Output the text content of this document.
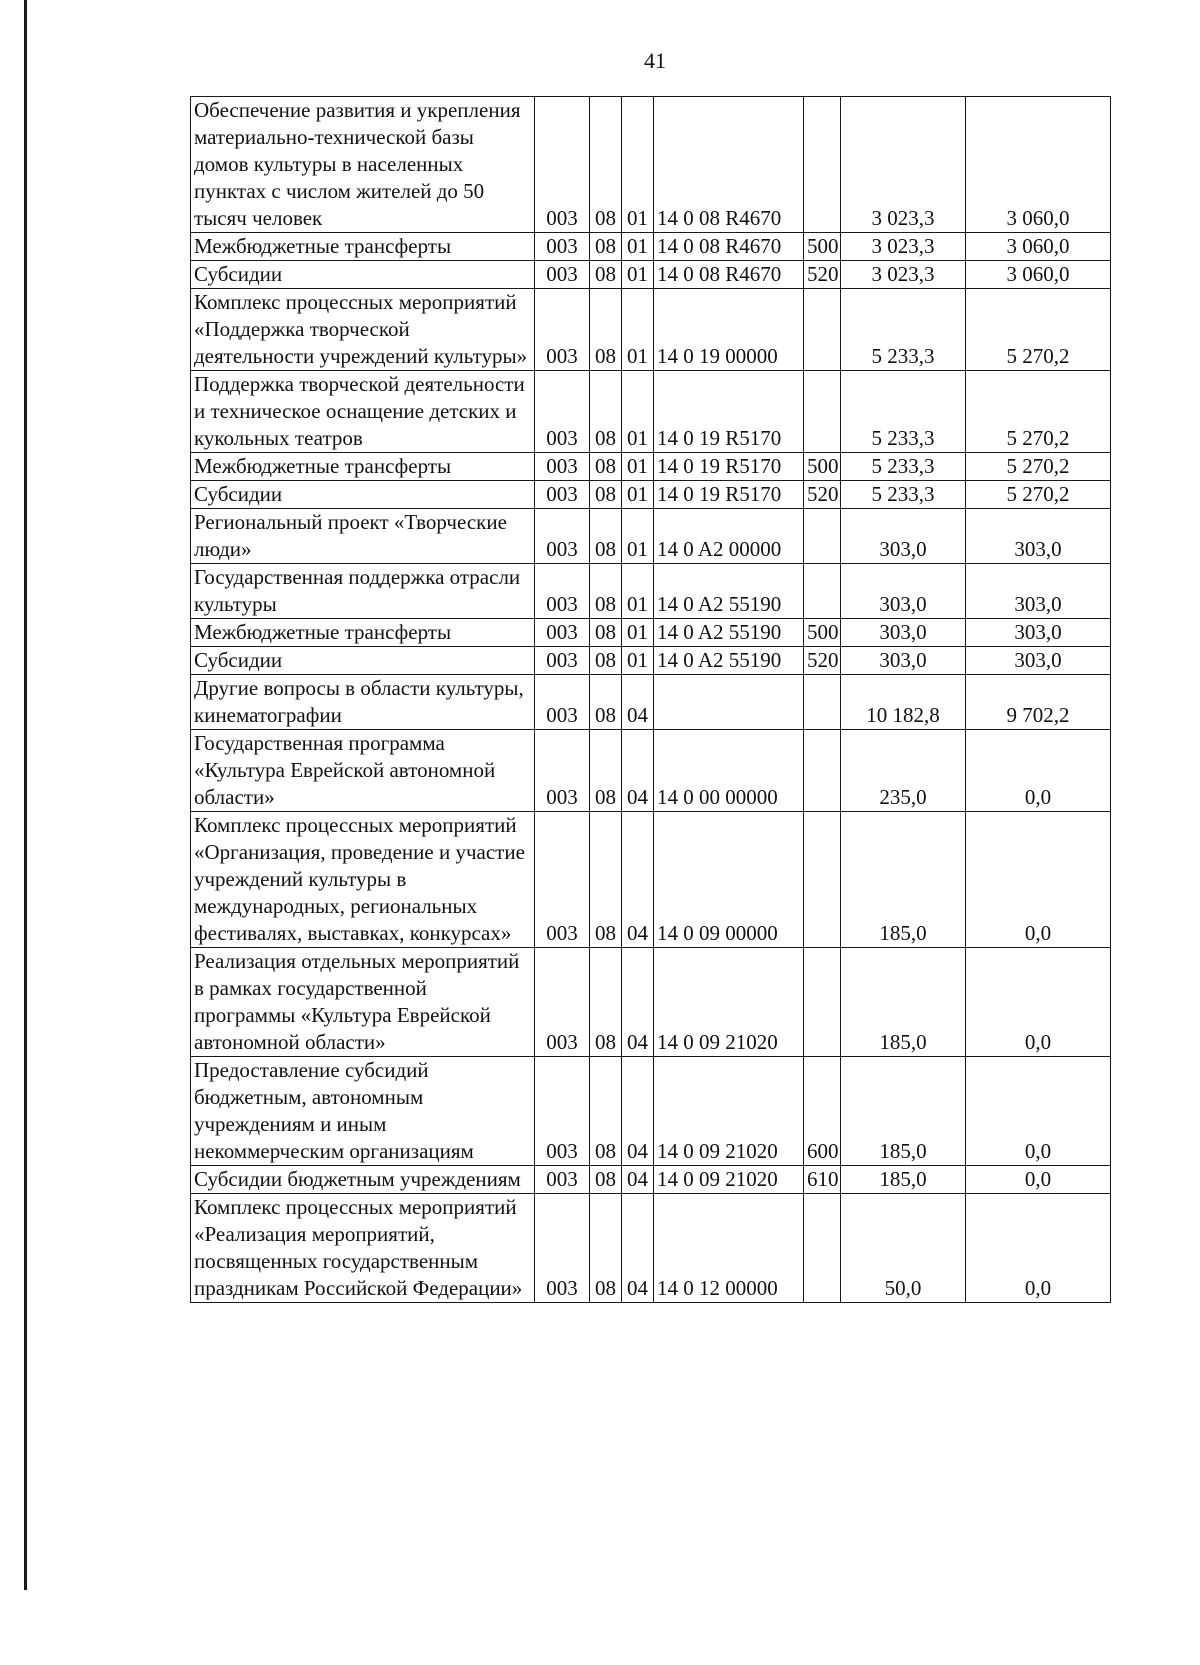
41
Обеспечение развития и укрепления материально-технической базы домов культуры в населенных пунктах с числом жителей до 50 тысяч человек	003	08	01	14 0 08 R4670		3 023,3	3 060,0
Межбюджетные трансферты	003	08	01	14 0 08 R4670	500	3 023,3	3 060,0
Субсидии	003	08	01	14 0 08 R4670	520	3 023,3	3 060,0
Комплекс процессных мероприятий «Поддержка творческой деятельности учреждений культуры»	003	08	01	14 0 19 00000		5 233,3	5 270,2
Поддержка творческой деятельности и техническое оснащение детских и кукольных театров	003	08	01	14 0 19 R5170		5 233,3	5 270,2
Межбюджетные трансферты	003	08	01	14 0 19 R5170	500	5 233,3	5 270,2
Субсидии	003	08	01	14 0 19 R5170	520	5 233,3	5 270,2
Региональный проект «Творческие люди»	003	08	01	14 0 A2 00000		303,0	303,0
Государственная поддержка отрасли культуры	003	08	01	14 0 A2 55190		303,0	303,0
Межбюджетные трансферты	003	08	01	14 0 A2 55190	500	303,0	303,0
Субсидии	003	08	01	14 0 A2 55190	520	303,0	303,0
Другие вопросы в области культуры, кинематографии	003	08	04			10 182,8	9 702,2
Государственная программа «Культура Еврейской автономной области»	003	08	04	14 0 00 00000		235,0	0,0
Комплекс процессных мероприятий «Организация, проведение и участие учреждений культуры в международных, региональных фестивалях, выставках, конкурсах»	003	08	04	14 0 09 00000		185,0	0,0
Реализация отдельных мероприятий в рамках государственной программы «Культура Еврейской автономной области»	003	08	04	14 0 09 21020		185,0	0,0
Предоставление субсидий бюджетным, автономным учреждениям и иным некоммерческим организациям	003	08	04	14 0 09 21020	600	185,0	0,0
Субсидии бюджетным учреждениям	003	08	04	14 0 09 21020	610	185,0	0,0
Комплекс процессных мероприятий «Реализация мероприятий, посвященных государственным праздникам Российской Федерации»	003	08	04	14 0 12 00000		50,0	0,0
